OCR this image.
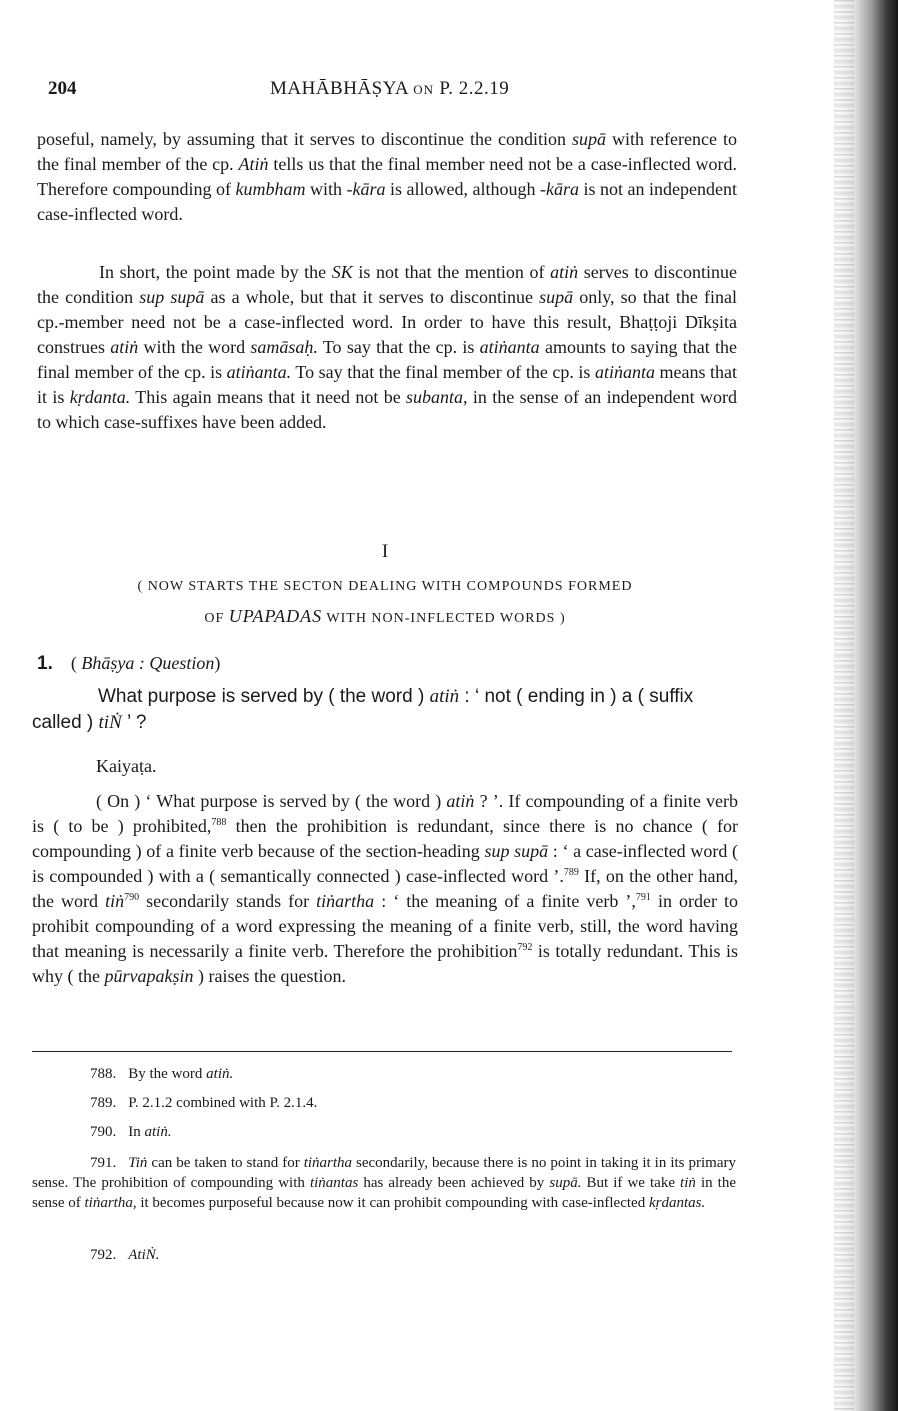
204	MAHĀBHĀṢYA ON P. 2.2.19

poseful, namely, by assuming that it serves to discontinue the condition supā with reference to the final member of the cp. Atiṅ tells us that the final member need not be a case-inflected word. Therefore compounding of kumbham with -kāra is allowed, although -kāra is not an independent case-inflected word.

In short, the point made by the SK is not that the mention of atiṅ serves to discontinue the condition sup supā as a whole, but that it serves to discontinue supā only, so that the final cp.-member need not be a case-inflected word. In order to have this result, Bhaṭṭoji Dīkṣita construes atiṅ with the word samāsaḥ. To say that the cp. is atiṅanta amounts to saying that the final member of the cp. is atiṅanta. To say that the final member of the cp. is atiṅanta means that it is kṛdanta. This again means that it need not be subanta, in the sense of an independent word to which case-suffixes have been added.

I
( NOW STARTS THE SECTON DEALING WITH COMPOUNDS FORMED
OF UPAPADAS WITH NON-INFLECTED WORDS )
1. ( Bhāṣya : Question)

What purpose is served by ( the word ) atiṅ : ‘ not ( ending in ) a ( suffix called ) tiṄ ’ ?

Kaiyaṭa.

( On ) ‘ What purpose is served by ( the word ) atiṅ ? ’. If compounding of a finite verb is ( to be ) prohibited,$^{788}$ then the prohibition is redundant, since there is no chance ( for compounding ) of a finite verb because of the section-heading sup supā : ‘ a case-inflected word ( is compounded ) with a ( semantically connected ) case-inflected word ’.$^{789}$ If, on the other hand, the word tiṅ$^{790}$ secondarily stands for tiṅartha : ‘ the meaning of a finite verb ’,$^{791}$ in order to prohibit compounding of a word expressing the meaning of a finite verb, still, the word having that meaning is necessarily a finite verb. Therefore the prohibition$^{792}$ is totally redundant. This is why ( the pūrvapakṣin ) raises the question.

788. By the word atiṅ.

789. P. 2.1.2 combined with P. 2.1.4.

790. In atiṅ.

791. Tiṅ can be taken to stand for tiṅartha secondarily, because there is no point in taking it in its primary sense. The prohibition of compounding with tiṅantas has already been achieved by supā. But if we take tiṅ in the sense of tiṅartha, it becomes purposeful because now it can prohibit compounding with case-inflected kṛdantas.

792. AtiṄ.
